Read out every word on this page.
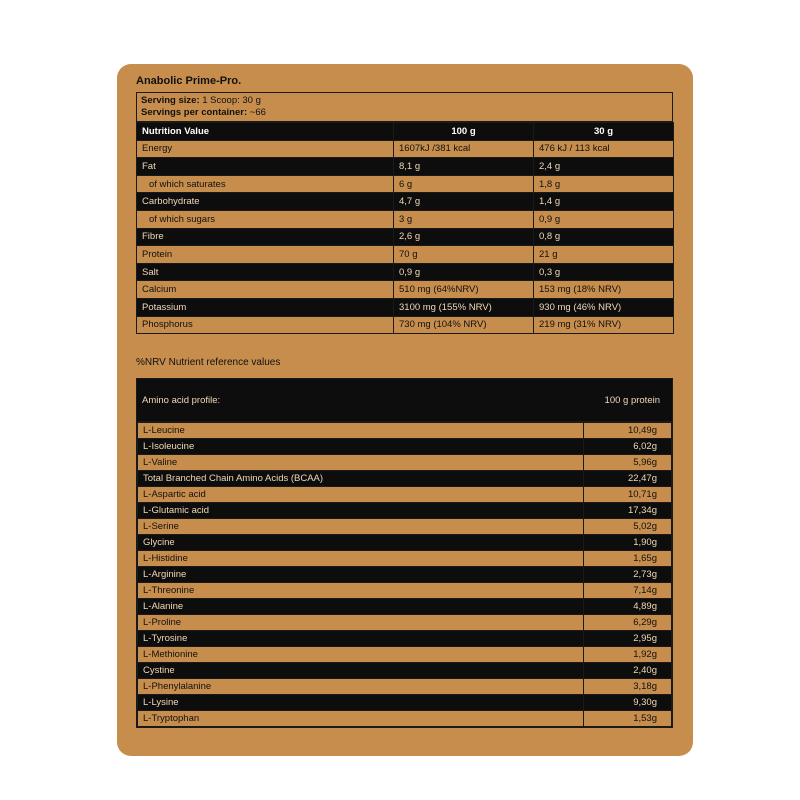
Anabolic Prime-Pro.
Serving size: 1 Scoop: 30 g
Servings per container: ~66
Nutrition Value	100 g	30 g
Energy	1607kJ /381 kcal	476 kJ / 113 kcal
Fat	8,1 g	2,4 g
of which saturates	6 g	1,8 g
Carbohydrate	4,7 g	1,4 g
of which sugars	3 g	0,9 g
Fibre	2,6 g	0,8 g
Protein	70 g	21 g
Salt	0,9 g	0,3 g
Calcium	510 mg (64%NRV)	153 mg (18% NRV)
Potassium	3100 mg (155% NRV)	930 mg (46% NRV)
Phosphorus	730 mg (104% NRV)	219 mg (31% NRV)
%NRV Nutrient reference values
Amino acid profile:	100 g protein
L-Leucine	10,49g
L-Isoleucine	6,02g
L-Valine	5,96g
Total Branched Chain Amino Acids (BCAA)	22,47g
L-Aspartic acid	10,71g
L-Glutamic acid	17,34g
L-Serine	5,02g
Glycine	1,90g
L-Histidine	1,65g
L-Arginine	2,73g
L-Threonine	7,14g
L-Alanine	4,89g
L-Proline	6,29g
L-Tyrosine	2,95g
L-Methionine	1,92g
Cystine	2,40g
L-Phenylalanine	3,18g
L-Lysine	9,30g
L-Tryptophan	1,53g
